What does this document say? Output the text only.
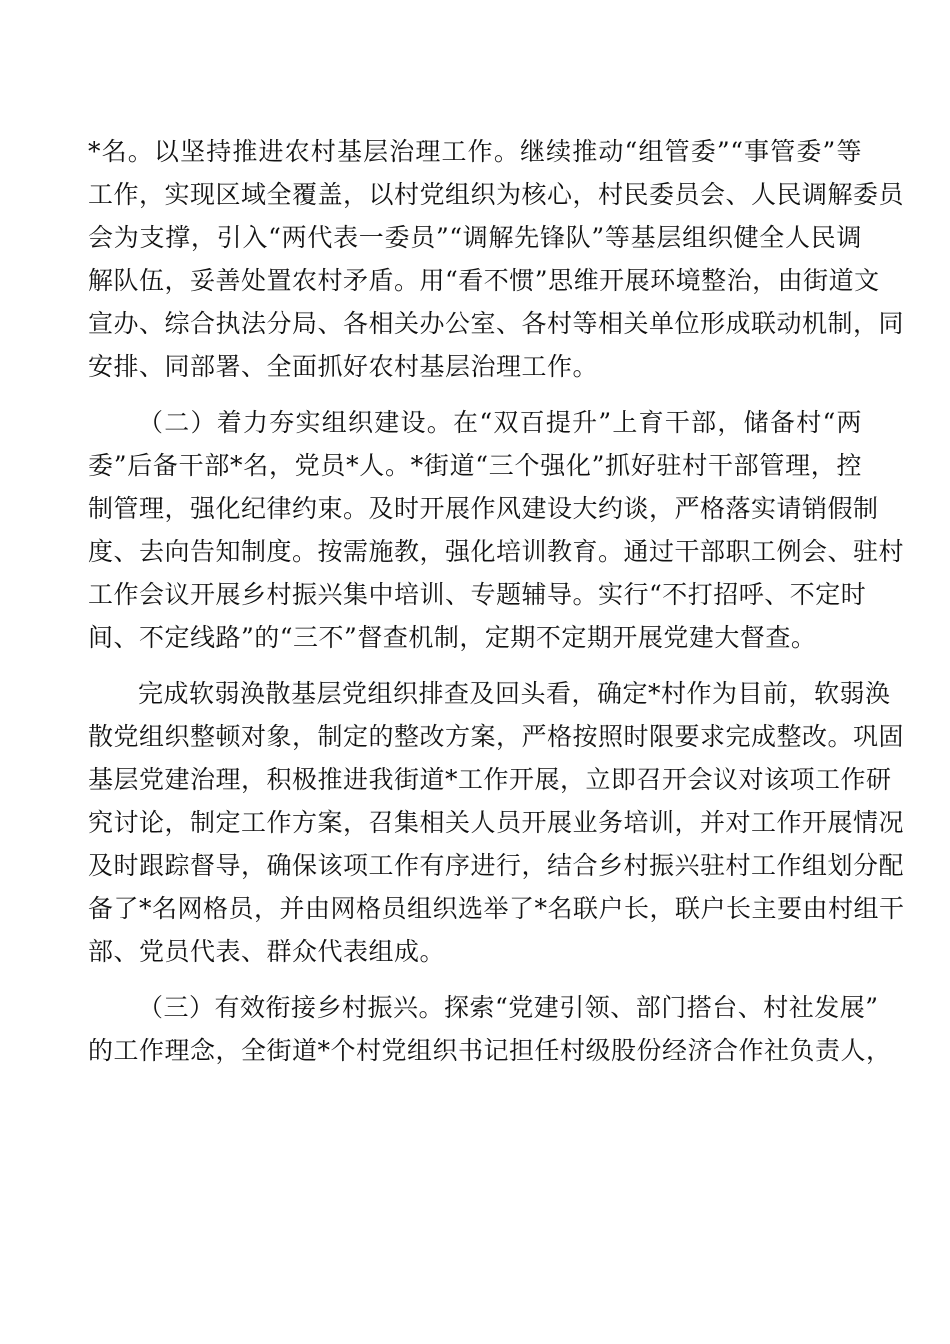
*名。以坚持推进农村基层治理工作。继续推动“组管委”“事管委”等
工作，实现区域全覆盖，以村党组织为核心，村民委员会、人民调解委员
会为支撑，引入“两代表一委员”“调解先锋队”等基层组织健全人民调
解队伍，妥善处置农村矛盾。用“看不惯”思维开展环境整治，由街道文
宣办、综合执法分局、各相关办公室、各村等相关单位形成联动机制，同
安排、同部署、全面抓好农村基层治理工作。
（二）着力夯实组织建设。在“双百提升”上育干部，储备村“两
委”后备干部*名，党员*人。*街道“三个强化”抓好驻村干部管理，控
制管理，强化纪律约束。及时开展作风建设大约谈，严格落实请销假制
度、去向告知制度。按需施教，强化培训教育。通过干部职工例会、驻村
工作会议开展乡村振兴集中培训、专题辅导。实行“不打招呼、不定时
间、不定线路”的“三不”督查机制，定期不定期开展党建大督查。
完成软弱涣散基层党组织排查及回头看，确定*村作为目前，软弱涣
散党组织整顿对象，制定的整改方案，严格按照时限要求完成整改。巩固
基层党建治理，积极推进我街道*工作开展，立即召开会议对该项工作研
究讨论，制定工作方案，召集相关人员开展业务培训，并对工作开展情况
及时跟踪督导，确保该项工作有序进行，结合乡村振兴驻村工作组划分配
备了*名网格员，并由网格员组织选举了*名联户长，联户长主要由村组干
部、党员代表、群众代表组成。
（三）有效衔接乡村振兴。探索“党建引领、部门搭台、村社发展”
的工作理念，全街道*个村党组织书记担任村级股份经济合作社负责人，
